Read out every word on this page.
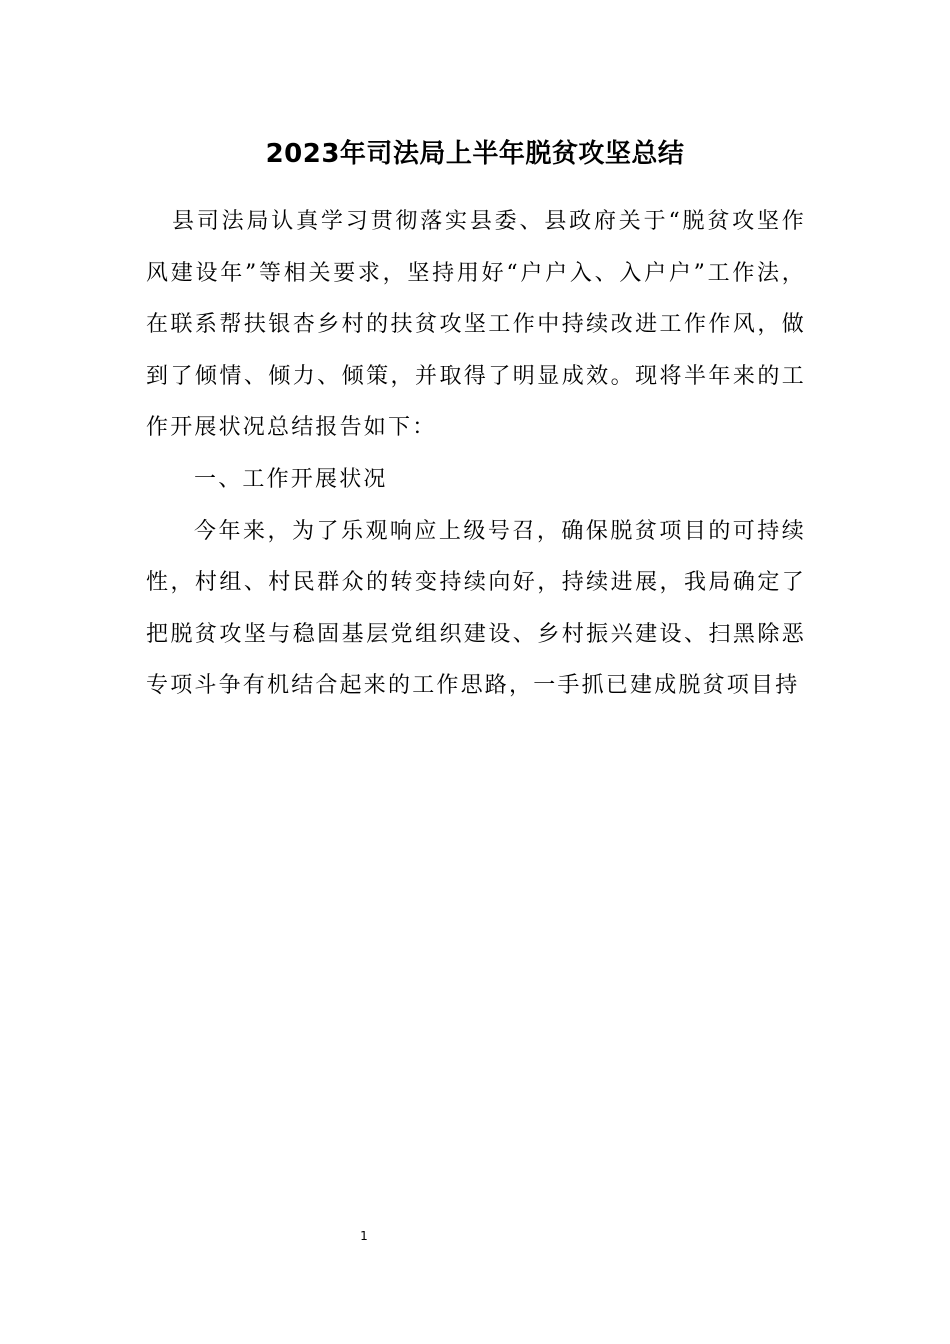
2023年司法局上半年脱贫攻坚总结

县司法局认真学习贯彻落实县委、县政府关于“脱贫攻坚作风建设年”等相关要求，坚持用好“户户入、入户户”工作法，在联系帮扶银杏乡村的扶贫攻坚工作中持续改进工作作风，做到了倾情、倾力、倾策，并取得了明显成效。现将半年来的工作开展状况总结报告如下：

一、工作开展状况

今年来，为了乐观响应上级号召，确保脱贫项目的可持续性，村组、村民群众的转变持续向好，持续进展，我局确定了把脱贫攻坚与稳固基层党组织建设、乡村振兴建设、扫黑除恶专项斗争有机结合起来的工作思路，一手抓已建成脱贫项目持

1
